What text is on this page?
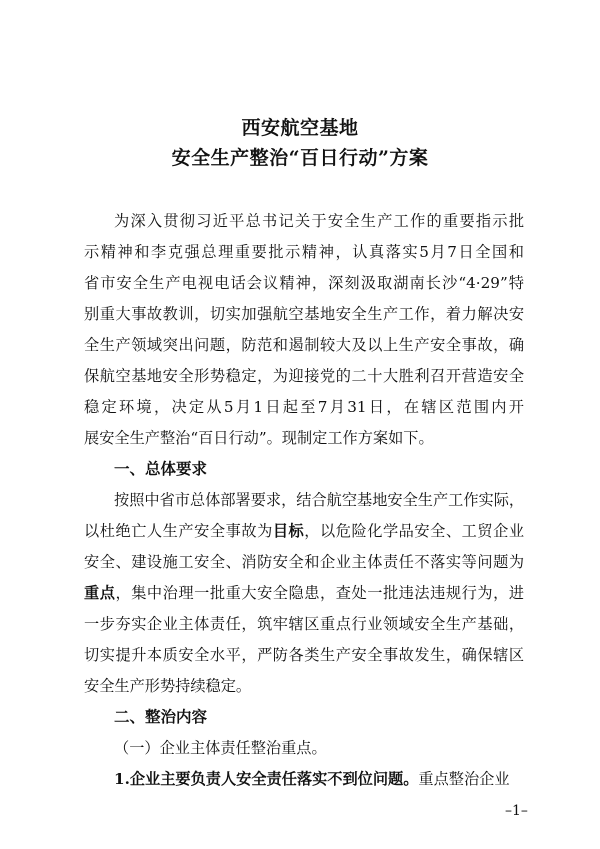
西安航空基地
安全生产整治“百日行动”方案
为深入贯彻习近平总书记关于安全生产工作的重要指示批
示精神和李克强总理重要批示精神，认真落实5月7日全国和
省市安全生产电视电话会议精神，深刻汲取湖南长沙“4·29”特
别重大事故教训，切实加强航空基地安全生产工作，着力解决安
全生产领域突出问题，防范和遏制较大及以上生产安全事故，确
保航空基地安全形势稳定，为迎接党的二十大胜利召开营造安全
稳定环境，决定从5月1日起至7月31日，在辖区范围内开
展安全生产整治“百日行动”。现制定工作方案如下。
一、总体要求
按照中省市总体部署要求，结合航空基地安全生产工作实际，
以杜绝亡人生产安全事故为目标，以危险化学品安全、工贸企业
安全、建设施工安全、消防安全和企业主体责任不落实等问题为
重点，集中治理一批重大安全隐患，查处一批违法违规行为，进
一步夯实企业主体责任，筑牢辖区重点行业领域安全生产基础，
切实提升本质安全水平，严防各类生产安全事故发生，确保辖区
安全生产形势持续稳定。
二、整治内容
（一）企业主体责任整治重点。
–1–
1.企业主要负责人安全责任落实不到位问题。重点整治企业
